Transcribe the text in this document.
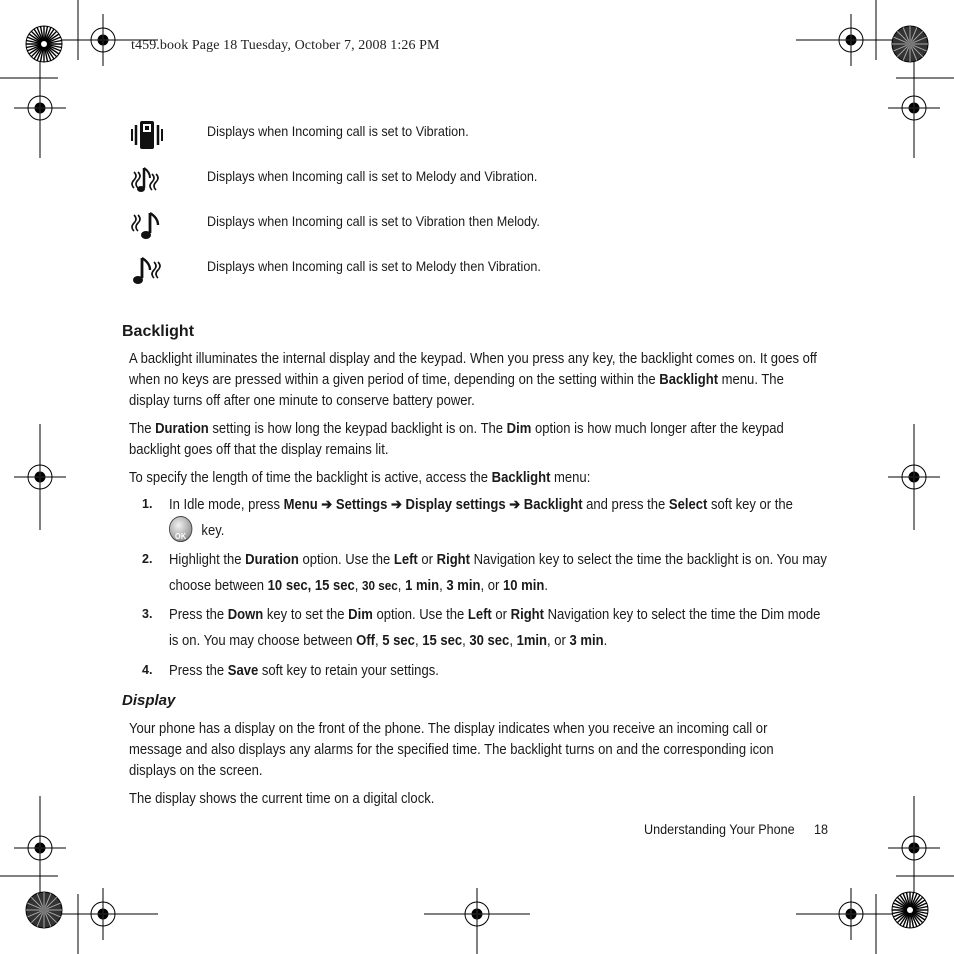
t459.book Page 18 Tuesday, October 7, 2008 1:26 PM
Displays when Incoming call is set to Vibration.
Displays when Incoming call is set to Melody and Vibration.
Displays when Incoming call is set to Vibration then Melody.
Displays when Incoming call is set to Melody then Vibration.
Backlight
A backlight illuminates the internal display and the keypad. When you press any key, the backlight comes on. It goes off when no keys are pressed within a given period of time, depending on the setting within the Backlight menu. The display turns off after one minute to conserve battery power.
The Duration setting is how long the keypad backlight is on. The Dim option is how much longer after the keypad backlight goes off that the display remains lit.
To specify the length of time the backlight is active, access the Backlight menu:
1. In Idle mode, press Menu ➔ Settings ➔ Display settings ➔ Backlight and press the Select soft key or the

OK key.
2. Highlight the Duration option. Use the Left or Right Navigation key to select the time the backlight is on. You may choose between 10 sec, 15 sec, 30 sec, 1 min, 3 min, or 10 min.
3. Press the Down key to set the Dim option. Use the Left or Right Navigation key to select the time the Dim mode is on. You may choose between Off, 5 sec, 15 sec, 30 sec, 1min, or 3 min.
4. Press the Save soft key to retain your settings.
Display
Your phone has a display on the front of the phone. The display indicates when you receive an incoming call or message and also displays any alarms for the specified time. The backlight turns on and the corresponding icon displays on the screen.
The display shows the current time on a digital clock.
Understanding Your Phone 18
